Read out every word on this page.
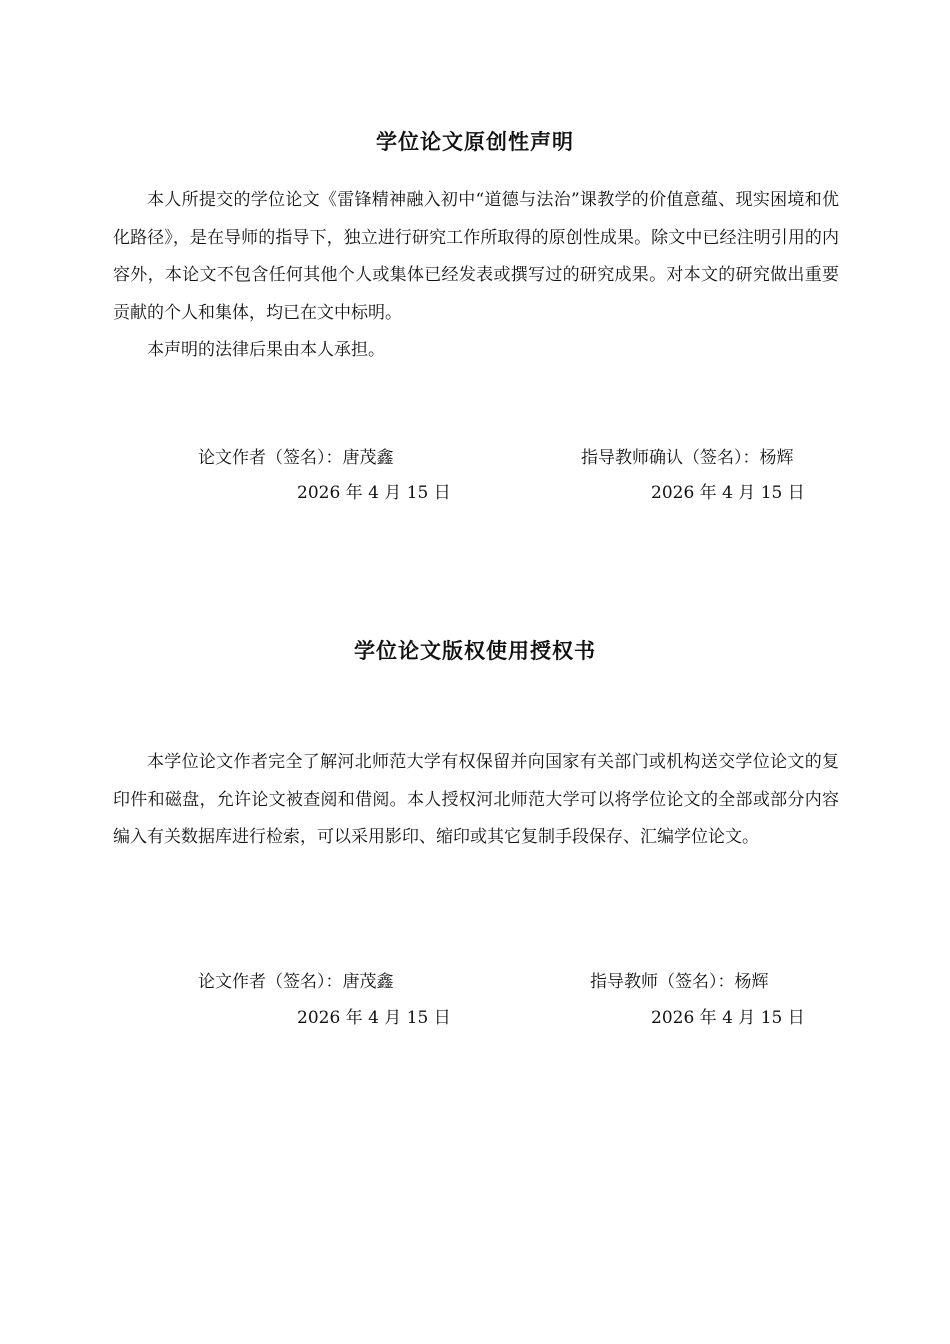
学位论文原创性声明

本人所提交的学位论文《雷锋精神融入初中“道德与法治”课教学的价值意蕴、现实困境和优化路径》，是在导师的指导下，独立进行研究工作所取得的原创性成果。除文中已经注明引用的内容外，本论文不包含任何其他个人或集体已经发表或撰写过的研究成果。对本文的研究做出重要贡献的个人和集体，均已在文中标明。

本声明的法律后果由本人承担。

论文作者（签名）：唐茂鑫
2026 年 4 月 15 日
指导教师确认（签名）：杨辉
2026 年 4 月 15 日
学位论文版权使用授权书

本学位论文作者完全了解河北师范大学有权保留并向国家有关部门或机构送交学位论文的复印件和磁盘，允许论文被查阅和借阅。本人授权河北师范大学可以将学位论文的全部或部分内容编入有关数据库进行检索，可以采用影印、缩印或其它复制手段保存、汇编学位论文。

论文作者（签名）：唐茂鑫
2026 年 4 月 15 日
指导教师（签名）：杨辉
2026 年 4 月 15 日
